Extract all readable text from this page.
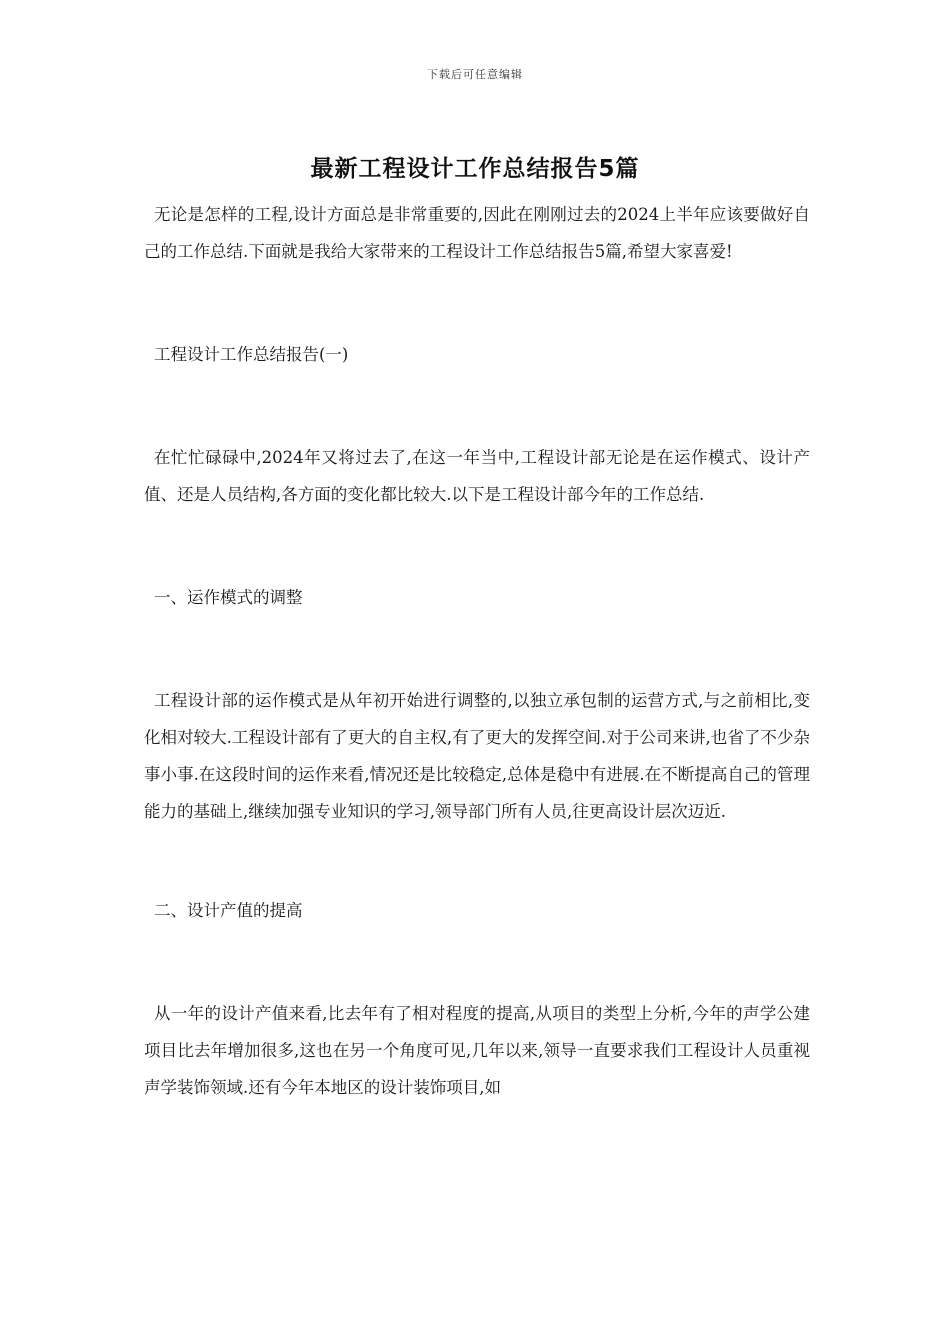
下载后可任意编辑
最新工程设计工作总结报告5篇

无论是怎样的工程,设计方面总是非常重要的,因此在刚刚过去的2024上半年应该要做好自己的工作总结.下面就是我给大家带来的工程设计工作总结报告5篇,希望大家喜爱!

工程设计工作总结报告(一)

在忙忙碌碌中,2024年又将过去了,在这一年当中,工程设计部无论是在运作模式、设计产值、还是人员结构,各方面的变化都比较大.以下是工程设计部今年的工作总结.

一、运作模式的调整

工程设计部的运作模式是从年初开始进行调整的,以独立承包制的运营方式,与之前相比,变化相对较大.工程设计部有了更大的自主权,有了更大的发挥空间.对于公司来讲,也省了不少杂事小事.在这段时间的运作来看,情况还是比较稳定,总体是稳中有进展.在不断提高自己的管理能力的基础上,继续加强专业知识的学习,领导部门所有人员,往更高设计层次迈近.

二、设计产值的提高

从一年的设计产值来看,比去年有了相对程度的提高,从项目的类型上分析,今年的声学公建项目比去年增加很多,这也在另一个角度可见,几年以来,领导一直要求我们工程设计人员重视声学装饰领域.还有今年本地区的设计装饰项目,如
